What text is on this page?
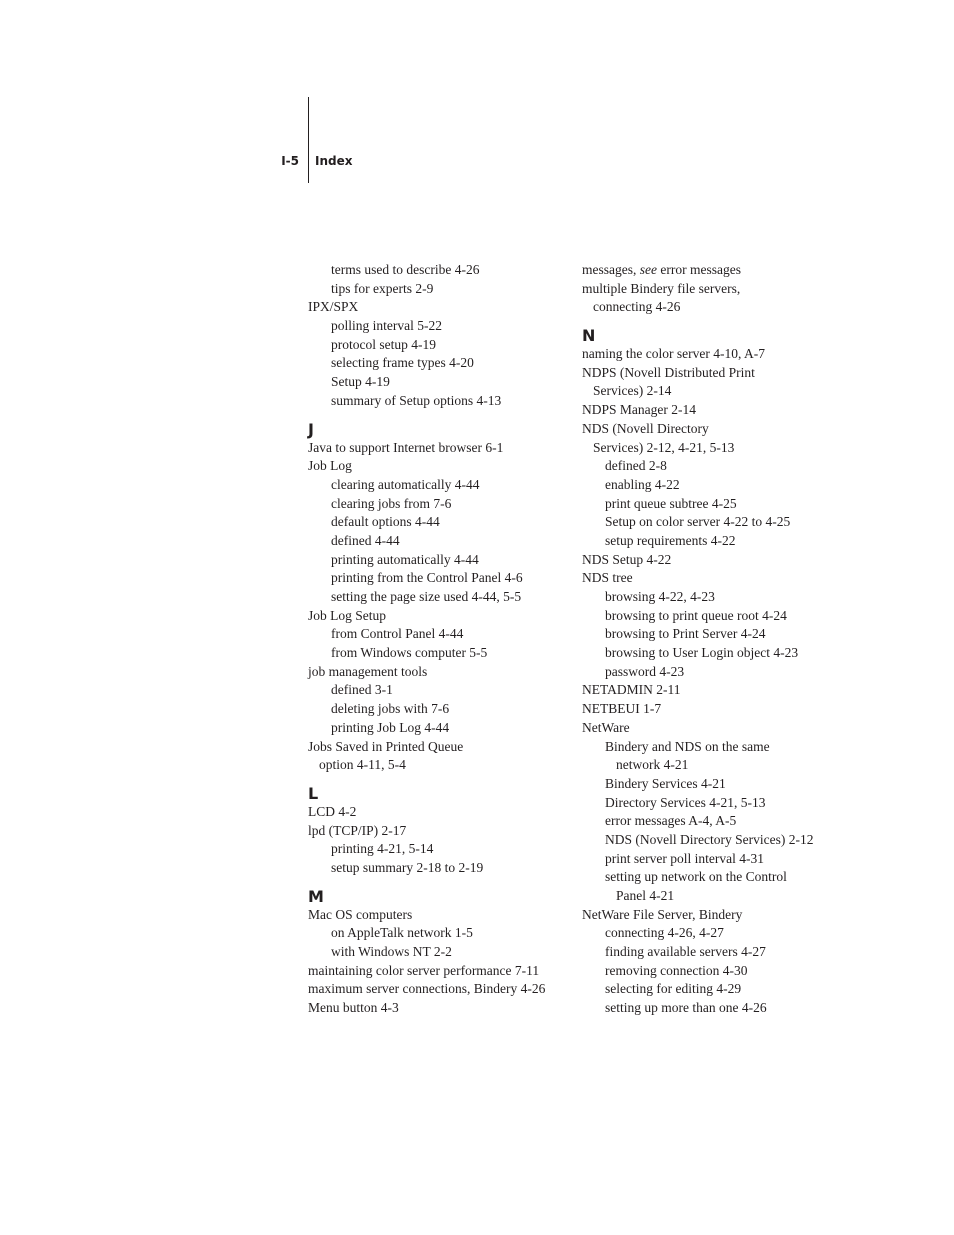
I-5 Index
terms used to describe 4-26
tips for experts 2-9
IPX/SPX
polling interval 5-22
protocol setup 4-19
selecting frame types 4-20
Setup 4-19
summary of Setup options 4-13
J
Java to support Internet browser 6-1
Job Log
clearing automatically 4-44
clearing jobs from 7-6
default options 4-44
defined 4-44
printing automatically 4-44
printing from the Control Panel 4-6
setting the page size used 4-44, 5-5
Job Log Setup
from Control Panel 4-44
from Windows computer 5-5
job management tools
defined 3-1
deleting jobs with 7-6
printing Job Log 4-44
Jobs Saved in Printed Queue
option 4-11, 5-4
L
LCD 4-2
lpd (TCP/IP) 2-17
printing 4-21, 5-14
setup summary 2-18 to 2-19
M
Mac OS computers
on AppleTalk network 1-5
with Windows NT 2-2
maintaining color server performance 7-11
maximum server connections, Bindery 4-26
Menu button 4-3
messages, see error messages
multiple Bindery file servers,
connecting 4-26
N
naming the color server 4-10, A-7
NDPS (Novell Distributed Print
Services) 2-14
NDPS Manager 2-14
NDS (Novell Directory
Services) 2-12, 4-21, 5-13
defined 2-8
enabling 4-22
print queue subtree 4-25
Setup on color server 4-22 to 4-25
setup requirements 4-22
NDS Setup 4-22
NDS tree
browsing 4-22, 4-23
browsing to print queue root 4-24
browsing to Print Server 4-24
browsing to User Login object 4-23
password 4-23
NETADMIN 2-11
NETBEUI 1-7
NetWare
Bindery and NDS on the same
network 4-21
Bindery Services 4-21
Directory Services 4-21, 5-13
error messages A-4, A-5
NDS (Novell Directory Services) 2-12
print server poll interval 4-31
setting up network on the Control
Panel 4-21
NetWare File Server, Bindery
connecting 4-26, 4-27
finding available servers 4-27
removing connection 4-30
selecting for editing 4-29
setting up more than one 4-26
